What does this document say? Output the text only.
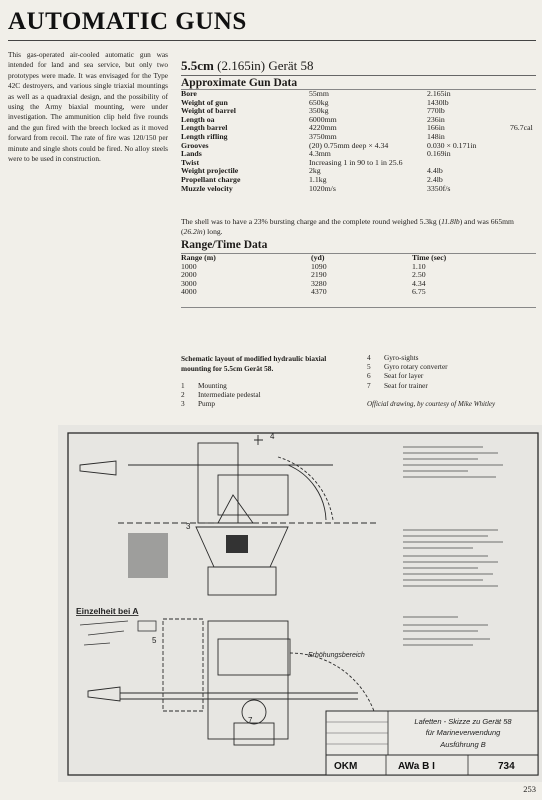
AUTOMATIC GUNS

This gas-operated air-cooled automatic gun was intended for land and sea service, but only two prototypes were made. It was envisaged for the Type 42C destroyers, and various single triaxial mountings as well as a quadraxial design, and the possibility of using the Army biaxial mounting, were under investigation. The ammunition clip held five rounds and the gun fired with the breech locked as it moved forward from recoil. The rate of fire was 120/150 per minute and single shots could be fired. No alloy steels were to be used in construction.

5.5cm (2.165in) Gerät 58
Approximate Gun Data
Bore	55mm	2.165in	
Weight of gun	650kg	1430lb	
Weight of barrel	350kg	770lb	
Length oa	6000mm	236in	
Length barrel	4220mm	166in	76.7cal
Length rifling	3750mm	148in	
Grooves	(20) 0.75mm deep × 4.34	0.030 × 0.171in	
Lands	4.3mm	0.169in	
Twist	Increasing 1 in 90 to 1 in 25.6		
Weight projectile	2kg	4.4lb	
Propellant charge	1.1kg	2.4lb	
Muzzle velocity	1020m/s	3350f/s	

The shell was to have a 23% bursting charge and the complete round weighed 5.3kg (11.8lb) and was 665mm (26.2in) long.

Range/Time Data
Range (m)	(yd)	Time (sec)
1000	1090	1.10
2000	2190	2.50
3000	3280	4.34
4000	4370	6.75

Schematic layout of modified hydraulic biaxial mounting for 5.5cm Gerät 58.

1 Mounting
2 Intermediate pedestal
3 Pump
4 Gyro-sights
5 Gyro rotary converter
6 Seat for layer
7 Seat for trainer

Official drawing, by courtesy of Mike Whitley

4
3
Einzelheit bei A
5
7
Erhöhungsbereich
Lafetten - Skizze zu Gerät 58
für Marineverwendung
Ausführung B
OKM	AWa B I	734

253
